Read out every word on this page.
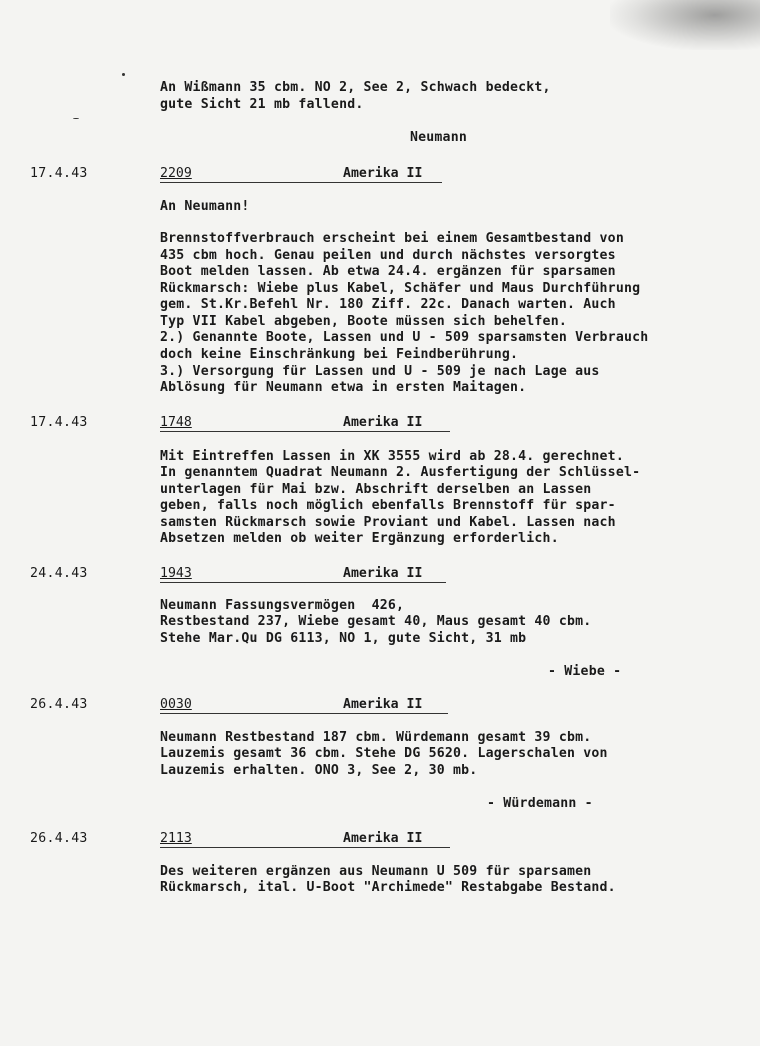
An Wißmann 35 cbm. NO 2, See 2, Schwach bedeckt,
gute Sicht 21 mb fallend.
Neumann
17.4.43	2209	Amerika II
An Neumann!
Brennstoffverbrauch erscheint bei einem Gesamtbestand von
435 cbm hoch. Genau peilen und durch nächstes versorgtes
Boot melden lassen. Ab etwa 24.4. ergänzen für sparsamen
Rückmarsch: Wiebe plus Kabel, Schäfer und Maus Durchführung
gem. St.Kr.Befehl Nr. 180 Ziff. 22c. Danach warten. Auch
Typ VII Kabel abgeben, Boote müssen sich behelfen.
2.) Genannte Boote, Lassen und U - 509 sparsamsten Verbrauch
doch keine Einschränkung bei Feindberührung.
3.) Versorgung für Lassen und U - 509 je nach Lage aus
Ablösung für Neumann etwa in ersten Maitagen.
17.4.43	1748	Amerika II
Mit Eintreffen Lassen in XK 3555 wird ab 28.4. gerechnet.
In genanntem Quadrat Neumann 2. Ausfertigung der Schlüssel-
unterlagen für Mai bzw. Abschrift derselben an Lassen
geben, falls noch möglich ebenfalls Brennstoff für spar-
samsten Rückmarsch sowie Proviant und Kabel. Lassen nach
Absetzen melden ob weiter Ergänzung erforderlich.
24.4.43	1943	Amerika II
Neumann Fassungsvermögen  426,
Restbestand 237, Wiebe gesamt 40, Maus gesamt 40 cbm.
Stehe Mar.Qu DG 6113, NO 1, gute Sicht, 31 mb
- Wiebe -
26.4.43	0030	Amerika II
Neumann Restbestand 187 cbm. Würdemann gesamt 39 cbm.
Lauzemis gesamt 36 cbm. Stehe DG 5620. Lagerschalen von
Lauzemis erhalten. ONO 3, See 2, 30 mb.
- Würdemann -
26.4.43	2113	Amerika II
Des weiteren ergänzen aus Neumann U 509 für sparsamen
Rückmarsch, ital. U-Boot "Archimede" Restabgabe Bestand.
